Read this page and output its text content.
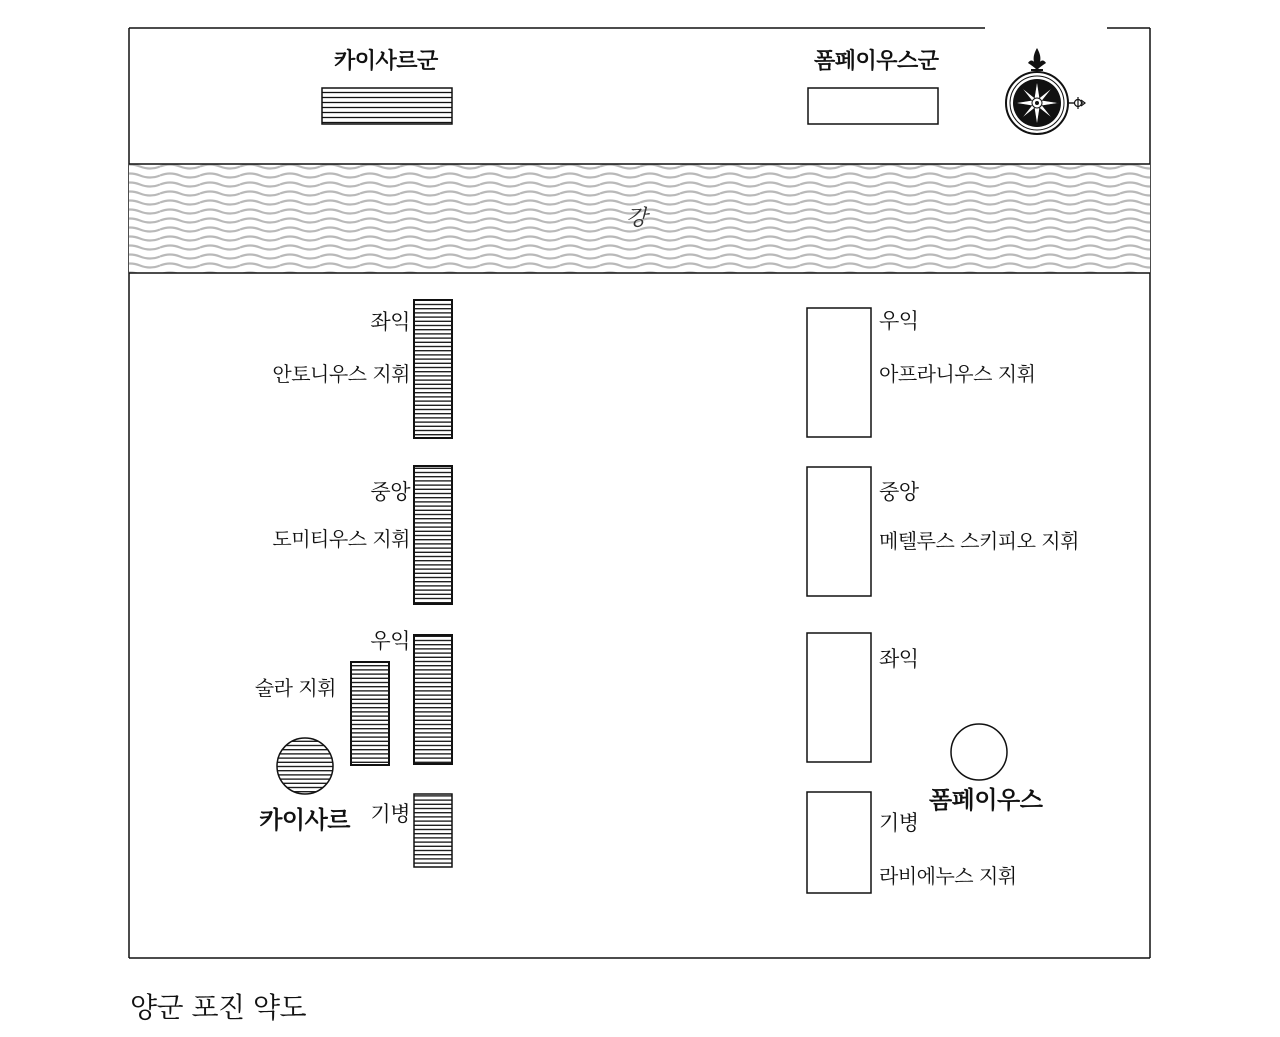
카이사르군	폼페이우스군
강
좌익
안토니우스 지휘
중앙
도미티우스 지휘
우익
술라 지휘
기병
카이사르
우익
아프라니우스 지휘
중앙
메텔루스 스키피오 지휘
좌익
기병
라비에누스 지휘
폼페이우스
양군 포진 약도
